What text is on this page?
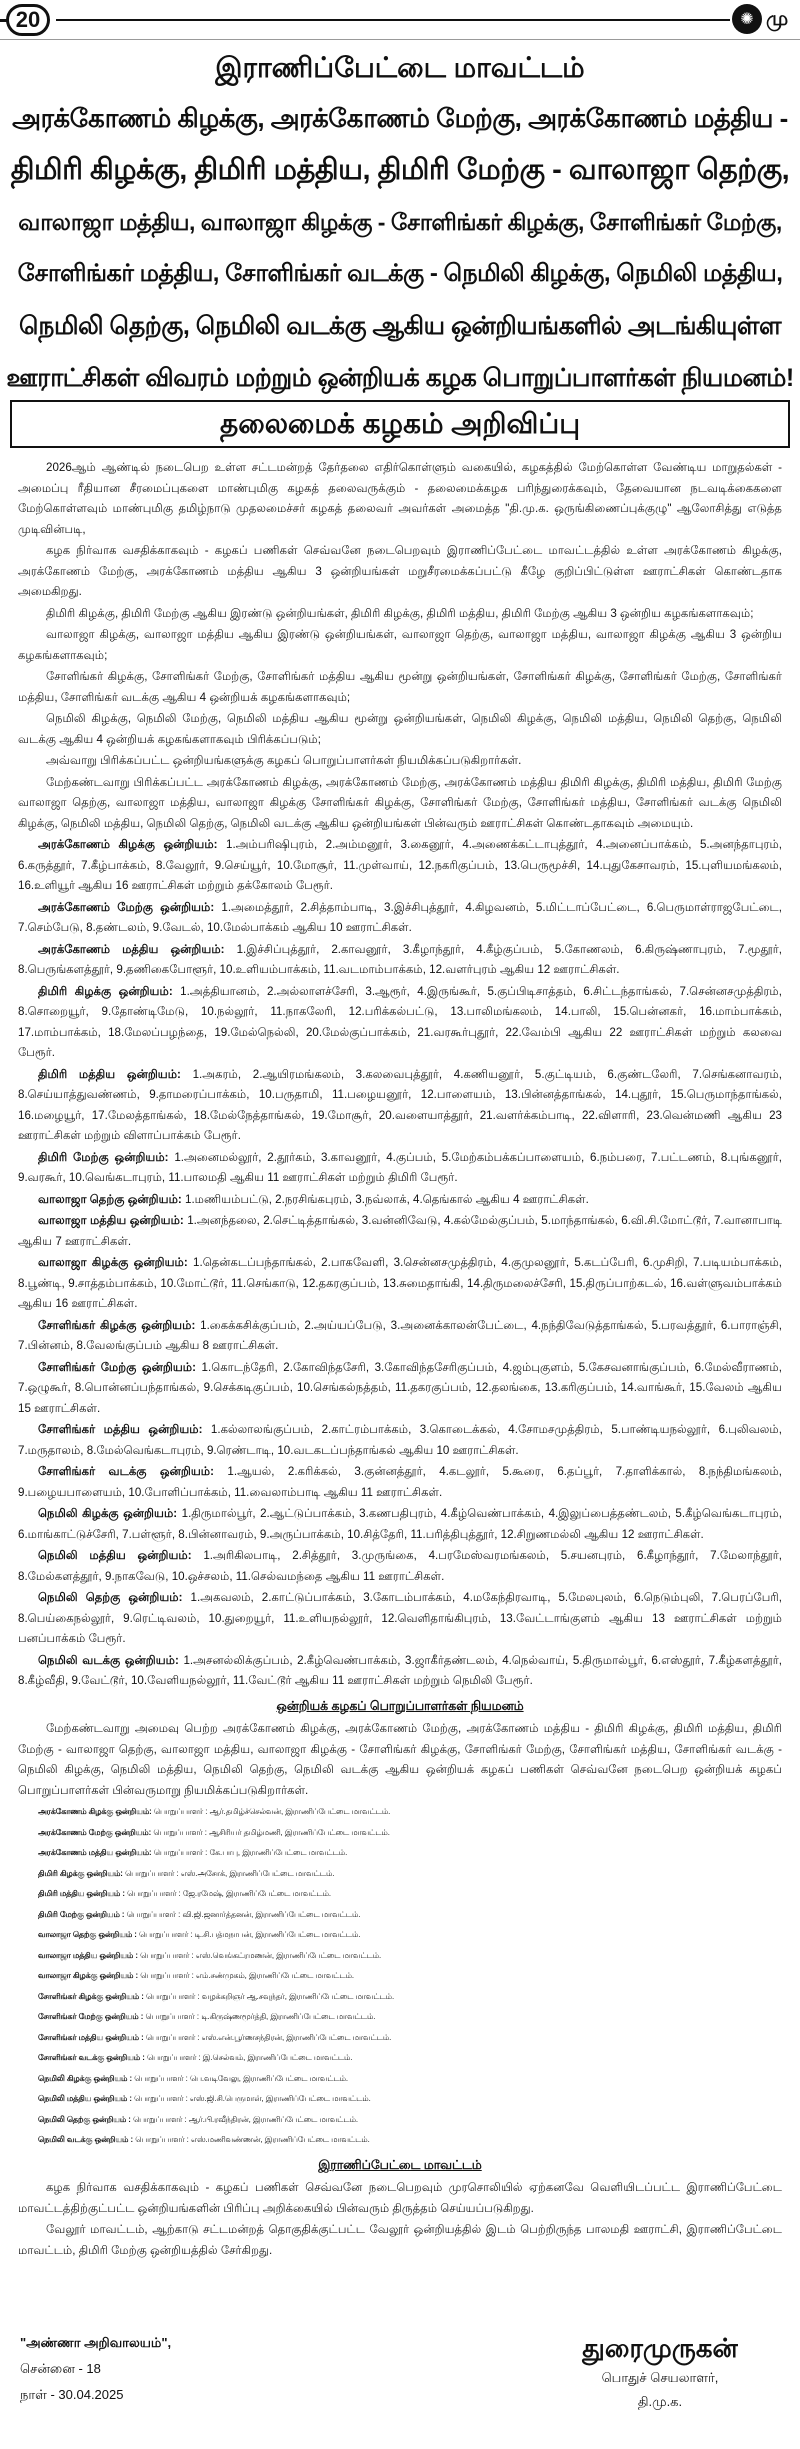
20	✺ மு
இராணிப்பேட்டை மாவட்டம்
அரக்கோணம் கிழக்கு, அரக்கோணம் மேற்கு, அரக்கோணம் மத்திய -
திமிரி கிழக்கு, திமிரி மத்திய, திமிரி மேற்கு - வாலாஜா தெற்கு,
வாலாஜா மத்திய, வாலாஜா கிழக்கு - சோளிங்கர் கிழக்கு, சோளிங்கர் மேற்கு,
சோளிங்கர் மத்திய, சோளிங்கர் வடக்கு - நெமிலி கிழக்கு, நெமிலி மத்திய,
நெமிலி தெற்கு, நெமிலி வடக்கு ஆகிய ஒன்றியங்களில் அடங்கியுள்ள
ஊராட்சிகள் விவரம் மற்றும் ஒன்றியக் கழக பொறுப்பாளர்கள் நியமனம்!
தலைமைக் கழகம் அறிவிப்பு

2026ஆம் ஆண்டில் நடைபெற உள்ள சட்டமன்றத் தேர்தலை எதிர்கொள்ளும் வகையில், கழகத்தில் மேற்கொள்ள வேண்டிய மாறுதல்கள் - அமைப்பு ரீதியான சீரமைப்புகளை மாண்புமிகு கழகத் தலைவருக்கும் - தலைமைக்கழக பரிந்துரைக்கவும், தேவையான நடவடிக்கைகளை மேற்கொள்ளவும் மாண்புமிகு தமிழ்நாடு முதலமைச்சர் கழகத் தலைவர் அவர்கள் அமைத்த "தி.மு.க. ஒருங்கிணைப்புக்குழு" ஆலோசித்து எடுத்த முடிவின்படி,

கழக நிர்வாக வசதிக்காகவும் - கழகப் பணிகள் செவ்வனே நடைபெறவும் இராணிப்பேட்டை மாவட்டத்தில் உள்ள அரக்கோணம் கிழக்கு, அரக்கோணம் மேற்கு, அரக்கோணம் மத்திய ஆகிய 3 ஒன்றியங்கள் மறுசீரமைக்கப்பட்டு கீழே குறிப்பிட்டுள்ள ஊராட்சிகள் கொண்டதாக அமைகிறது.

திமிரி கிழக்கு, திமிரி மேற்கு ஆகிய இரண்டு ஒன்றியங்கள், திமிரி கிழக்கு, திமிரி மத்திய, திமிரி மேற்கு ஆகிய 3 ஒன்றிய கழகங்களாகவும்;

வாலாஜா கிழக்கு, வாலாஜா மத்திய ஆகிய இரண்டு ஒன்றியங்கள், வாலாஜா தெற்கு, வாலாஜா மத்திய, வாலாஜா கிழக்கு ஆகிய 3 ஒன்றிய கழகங்களாகவும்;

சோளிங்கர் கிழக்கு, சோளிங்கர் மேற்கு, சோளிங்கர் மத்திய ஆகிய மூன்று ஒன்றியங்கள், சோளிங்கர் கிழக்கு, சோளிங்கர் மேற்கு, சோளிங்கர் மத்திய, சோளிங்கர் வடக்கு ஆகிய 4 ஒன்றியக் கழகங்களாகவும்;

நெமிலி கிழக்கு, நெமிலி மேற்கு, நெமிலி மத்திய ஆகிய மூன்று ஒன்றியங்கள், நெமிலி கிழக்கு, நெமிலி மத்திய, நெமிலி தெற்கு, நெமிலி வடக்கு ஆகிய 4 ஒன்றியக் கழகங்களாகவும் பிரிக்கப்படும்;

அவ்வாறு பிரிக்கப்பட்ட ஒன்றியங்களுக்கு கழகப் பொறுப்பாளர்கள் நியமிக்கப்படுகிறார்கள்.

மேற்கண்டவாறு பிரிக்கப்பட்ட அரக்கோணம் கிழக்கு, அரக்கோணம் மேற்கு, அரக்கோணம் மத்திய திமிரி கிழக்கு, திமிரி மத்திய, திமிரி மேற்கு வாலாஜா தெற்கு, வாலாஜா மத்திய, வாலாஜா கிழக்கு சோளிங்கர் கிழக்கு, சோளிங்கர் மேற்கு, சோளிங்கர் மத்திய, சோளிங்கர் வடக்கு நெமிலி கிழக்கு, நெமிலி மத்திய, நெமிலி தெற்கு, நெமிலி வடக்கு ஆகிய ஒன்றியங்கள் பின்வரும் ஊராட்சிகள் கொண்டதாகவும் அமையும்.

அரக்கோணம் கிழக்கு ஒன்றியம்: 1.அம்பரிஷிபுரம், 2.அம்மனூர், 3.கைனூர், 4.அணைக்கட்டாபுத்தூர், 4.அனைப்பாக்கம், 5.அனந்தாபுரம், 6.கருத்தூர், 7.கீழ்பாக்கம், 8.வேலூர், 9.செய்யூர், 10.மோசூர், 11.முள்வாய், 12.நகரிகுப்பம், 13.பெருமூச்சி, 14.புதுகேசாவரம், 15.புளியமங்கலம், 16.உளியூர் ஆகிய 16 ஊராட்சிகள் மற்றும் தக்கோலம் பேரூர்.
அரக்கோணம் மேற்கு ஒன்றியம்: 1.அமைத்தூர், 2.சித்தாம்பாடி, 3.இச்சிபுத்தூர், 4.கிழவனம், 5.மிட்டாப்பேட்டை, 6.பெருமாள்ராஜபேட்டை, 7.செம்பேடு, 8.தண்டலம், 9.வேடல், 10.மேல்பாக்கம் ஆகிய 10 ஊராட்சிகள்.
அரக்கோணம் மத்திய ஒன்றியம்: 1.இச்சிப்புத்தூர், 2.காவனூர், 3.கீழாந்தூர், 4.கீழ்குப்பம், 5.கோணலம், 6.கிருஷ்ணாபுரம், 7.மூதூர், 8.பெருங்களத்தூர், 9.தணிகைபோளூர், 10.உளியம்பாக்கம், 11.வடமாம்பாக்கம், 12.வளர்புரம் ஆகிய 12 ஊராட்சிகள்.
திமிரி கிழக்கு ஒன்றியம்: 1.அத்தியானம், 2.அல்லாளச்சேரி, 3.ஆரூர், 4.இருங்கூர், 5.குப்பிடிசாத்தம், 6.சிட்டந்தாங்கல், 7.சென்னசமுத்திரம், 8.சொறையூர், 9.தோண்டிமேடு, 10.நல்லூர், 11.நாகலேரி, 12.பரிக்கல்பட்டு, 13.பாலிமங்கலம், 14.பாலி, 15.பென்னகர், 16.மாம்பாக்கம், 17.மாம்பாக்கம், 18.மேலப்பழந்தை, 19.மேல்நெல்லி, 20.மேல்குப்பாக்கம், 21.வரகூர்புதூர், 22.வேம்பி ஆகிய 22 ஊராட்சிகள் மற்றும் கலவை பேரூர்.
திமிரி மத்திய ஒன்றியம்: 1.அகரம், 2.ஆயிரமங்கலம், 3.கலவைபுத்தூர், 4.கணியனூர், 5.குட்டியம், 6.குண்டலேரி, 7.செங்கனாவரம், 8.செய்யாத்துவண்ணம், 9.தாமரைப்பாக்கம், 10.பருதாமி, 11.பழையனூர், 12.பாளையம், 13.பின்னத்தாங்கல், 14.புதூர், 15.பெருமாந்தாங்கல், 16.மழையூர், 17.மேலத்தாங்கல், 18.மேல்நேத்தாங்கல், 19.மோசூர், 20.வளையாத்தூர், 21.வளர்க்கம்பாடி, 22.விளாரி, 23.வென்மணி ஆகிய 23 ஊராட்சிகள் மற்றும் விளாப்பாக்கம் பேரூர்.
திமிரி மேற்கு ஒன்றியம்: 1.அனைமல்லூர், 2.தூர்கம், 3.காவனூர், 4.குப்பம், 5.மேற்கம்பக்கப்பாளையம், 6.நம்பரை, 7.பட்டணம், 8.புங்கனூர், 9.வரகூர், 10.வெங்கடாபுரம், 11.பாலமதி ஆகிய 11 ஊராட்சிகள் மற்றும் திமிரி பேரூர்.
வாலாஜா தெற்கு ஒன்றியம்: 1.மணியம்பட்டு, 2.நரசிங்கபுரம், 3.நவ்லாக், 4.தெங்கால் ஆகிய 4 ஊராட்சிகள்.
வாலாஜா மத்திய ஒன்றியம்: 1.அனந்தலை, 2.செட்டித்தாங்கல், 3.வன்னிவேடு, 4.கல்மேல்குப்பம், 5.மாந்தாங்கல், 6.வி.சி.மோட்டூர், 7.வானாபாடி ஆகிய 7 ஊராட்சிகள்.
வாலாஜா கிழக்கு ஒன்றியம்: 1.தென்கடப்பந்தாங்கல், 2.பாகவேளி, 3.சென்னசமுத்திரம், 4.குமுலனூர், 5.கடப்பேரி, 6.முசிறி, 7.படியம்பாக்கம், 8.பூண்டி, 9.சாத்தம்பாக்கம், 10.மோட்டூர், 11.செங்காடு, 12.தகரகுப்பம், 13.சுமைதாங்கி, 14.திருமலைச்சேரி, 15.திருப்பாற்கடல், 16.வள்ளுவம்பாக்கம் ஆகிய 16 ஊராட்சிகள்.
சோளிங்கர் கிழக்கு ஒன்றியம்: 1.கைக்கசிக்குப்பம், 2.அய்யப்பேடு, 3.அனைக்காலன்பேட்டை, 4.நந்திவேடுத்தாங்கல், 5.பரவத்தூர், 6.பாராஞ்சி, 7.பின்னம், 8.வேலங்குப்பம் ஆகிய 8 ஊராட்சிகள்.
சோளிங்கர் மேற்கு ஒன்றியம்: 1.கொடந்தேரி, 2.கோவிந்தசேரி, 3.கோவிந்தசேரிகுப்பம், 4.ஜம்புகுளம், 5.கேசவனாங்குப்பம், 6.மேல்வீராணம், 7.ஒழுகூர், 8.பொன்னப்பந்தாங்கல், 9.செக்கடிகுப்பம், 10.செங்கல்நத்தம், 11.தகரகுப்பம், 12.தலங்கை, 13.கரிகுப்பம், 14.வாங்கூர், 15.வேலம் ஆகிய 15 ஊராட்சிகள்.
சோளிங்கர் மத்திய ஒன்றியம்: 1.கல்லாலங்குப்பம், 2.காட்ரம்பாக்கம், 3.கொடைக்கல், 4.சோமசமுத்திரம், 5.பாண்டியநல்லூர், 6.புலிவலம், 7.மருதாலம், 8.மேல்வெங்கடாபுரம், 9.ரெண்டாடி, 10.வடகடப்பந்தாங்கல் ஆகிய 10 ஊராட்சிகள்.
சோளிங்கர் வடக்கு ஒன்றியம்: 1.ஆயல், 2.கரிக்கல், 3.குன்னத்தூர், 4.கடலூர், 5.கூரை, 6.தப்பூர், 7.தாளிக்கால், 8.நந்திமங்கலம், 9.பழையபாளையம், 10.போளிப்பாக்கம், 11.வைலாம்பாடி ஆகிய 11 ஊராட்சிகள்.
நெமிலி கிழக்கு ஒன்றியம்: 1.திருமால்பூர், 2.ஆட்டுப்பாக்கம், 3.கணபதிபுரம், 4.கீழ்வெண்பாக்கம், 4.இலுப்பைத்தண்டலம், 5.கீழ்வெங்கடாபுரம், 6.மாங்காட்டுச்சேரி, 7.பள்ளூர், 8.பின்னாவரம், 9.அருப்பாக்கம், 10.சித்தேரி, 11.பரித்திபுத்தூர், 12.சிறுணமல்லி ஆகிய 12 ஊராட்சிகள்.
நெமிலி மத்திய ஒன்றியம்: 1.அரிகிலபாடி, 2.சித்தூர், 3.முருங்கை, 4.பரமேஸ்வரமங்கலம், 5.சயனபுரம், 6.கீழாந்தூர், 7.மேலாந்தூர், 8.மேல்களத்தூர், 9.நாகவேடு, 10.ஒச்சலம், 11.செல்வமந்தை ஆகிய 11 ஊராட்சிகள்.
நெமிலி தெற்கு ஒன்றியம்: 1.அகவலம், 2.காட்டுப்பாக்கம், 3.கோடம்பாக்கம், 4.மகேந்திரவாடி, 5.மேலபுலம், 6.நெடும்புலி, 7.பெரப்பேரி, 8.பெய்கைநல்லூர், 9.ரெட்டிவலம், 10.துறையூர், 11.உளியநல்லூர், 12.வெளிதாங்கிபுரம், 13.வேட்டாங்குளம் ஆகிய 13 ஊராட்சிகள் மற்றும் பனப்பாக்கம் பேரூர்.
நெமிலி வடக்கு ஒன்றியம்: 1.அசனல்லிக்குப்பம், 2.கீழ்வெண்பாக்கம், 3.ஜாகீர்தண்டலம், 4.நெல்வாய், 5.திருமால்பூர், 6.எஸ்தூர், 7.கீழ்களத்தூர், 8.கீழ்வீதி, 9.வேட்டூர், 10.வேளியநல்லூர், 11.வேட்டூர் ஆகிய 11 ஊராட்சிகள் மற்றும் நெமிலி பேரூர்.
ஒன்றியக் கழகப் பொறுப்பாளர்கள் நியமனம்

மேற்கண்டவாறு அமைவு பெற்ற அரக்கோணம் கிழக்கு, அரக்கோணம் மேற்கு, அரக்கோணம் மத்திய - திமிரி கிழக்கு, திமிரி மத்திய, திமிரி மேற்கு - வாலாஜா தெற்கு, வாலாஜா மத்திய, வாலாஜா கிழக்கு - சோளிங்கர் கிழக்கு, சோளிங்கர் மேற்கு, சோளிங்கர் மத்திய, சோளிங்கர் வடக்கு - நெமிலி கிழக்கு, நெமிலி மத்திய, நெமிலி தெற்கு, நெமிலி வடக்கு ஆகிய ஒன்றியக் கழகப் பணிகள் செவ்வனே நடைபெற ஒன்றியக் கழகப் பொறுப்பாளர்கள் பின்வருமாறு நியமிக்கப்படுகிறார்கள்.

அரக்கோணம் கிழக்கு ஒன்றியம்: பொறுப்பாளர் : ஆர்.தமிழ்ச்செல்வன், இராணிப்பேட்டை மாவட்டம்.
அரக்கோணம் மேற்கு ஒன்றியம்: பொறுப்பாளர் : ஆசிரியர் தமிழ்மணி, இராணிப்பேட்டை மாவட்டம்.
அரக்கோணம் மத்திய ஒன்றியம்: பொறுப்பாளர் : கே.பாபு, இராணிப்பேட்டை மாவட்டம்.
திமிரி கிழக்கு ஒன்றியம்: பொறுப்பாளர் : எஸ்.அசோக், இராணிப்பேட்டை மாவட்டம்.
திமிரி மத்திய ஒன்றியம் : பொறுப்பாளர் : ஜே.ரமேஷ், இராணிப்பேட்டை மாவட்டம்.
திமிரி மேற்கு ஒன்றியம் : பொறுப்பாளர் : வி.ஜி.ஜனார்த்தனன், இராணிப்பேட்டை மாவட்டம்.
வாலாஜா தெற்கு ஒன்றியம் : பொறுப்பாளர் : டி.சி.பத்மநாபன், இராணிப்பேட்டை மாவட்டம்.
வாலாஜா மத்திய ஒன்றியம் : பொறுப்பாளர் : எஸ்.வெங்கட்ரமணன், இராணிப்பேட்டை மாவட்டம்.
வாலாஜா கிழக்கு ஒன்றியம் : பொறுப்பாளர் : எம்.சண்முகம், இராணிப்பேட்டை மாவட்டம்.
சோளிங்கர் கிழக்கு ஒன்றியம் : பொறுப்பாளர் : வழக்கறிஞர் ஆ.சவுந்தர், இராணிப்பேட்டை மாவட்டம்.
சோளிங்கர் மேற்கு ஒன்றியம் : பொறுப்பாளர் : டி.கிருஷ்ணமூர்த்தி, இராணிப்பேட்டை மாவட்டம்.
சோளிங்கர் மத்திய ஒன்றியம் : பொறுப்பாளர் : எஸ்.என்.பூர்ணசந்திரன், இராணிப்பேட்டை மாவட்டம்.
சோளிங்கர் வடக்கு ஒன்றியம் : பொறுப்பாளர் : இ.செல்வம், இராணிப்பேட்டை மாவட்டம்.
நெமிலி கிழக்கு ஒன்றியம் : பொறுப்பாளர் : பெ.வடிவேலு, இராணிப்பேட்டை மாவட்டம்.
நெமிலி மத்திய ஒன்றியம் : பொறுப்பாளர் : எஸ்.ஜி.சி.பெருமாள், இராணிப்பேட்டை மாவட்டம்.
நெமிலி தெற்கு ஒன்றியம் : பொறுப்பாளர் : ஆர்.பி.ரவீந்திரன், இராணிப்பேட்டை மாவட்டம்.
நெமிலி வடக்கு ஒன்றியம் : பொறுப்பாளர் : எஸ்.மணிவண்ணன், இராணிப்பேட்டை மாவட்டம்.
இராணிப்பேட்டை மாவட்டம்

கழக நிர்வாக வசதிக்காகவும் - கழகப் பணிகள் செவ்வனே நடைபெறவும் முரசொலியில் ஏற்கனவே வெளியிடப்பட்ட இராணிப்பேட்டை மாவட்டத்திற்குட்பட்ட ஒன்றியங்களின் பிரிப்பு அறிக்கையில் பின்வரும் திருத்தம் செய்யப்படுகிறது.

வேலூர் மாவட்டம், ஆற்காடு சட்டமன்றத் தொகுதிக்குட்பட்ட வேலூர் ஒன்றியத்தில் இடம் பெற்றிருந்த பாலமதி ஊராட்சி, இராணிப்பேட்டை மாவட்டம், திமிரி மேற்கு ஒன்றியத்தில் சேர்கிறது.

"அண்ணா அறிவாலயம்",
சென்னை - 18
நாள் - 30.04.2025
துரைமுருகன்
பொதுச் செயலாளர்,
தி.மு.க.
